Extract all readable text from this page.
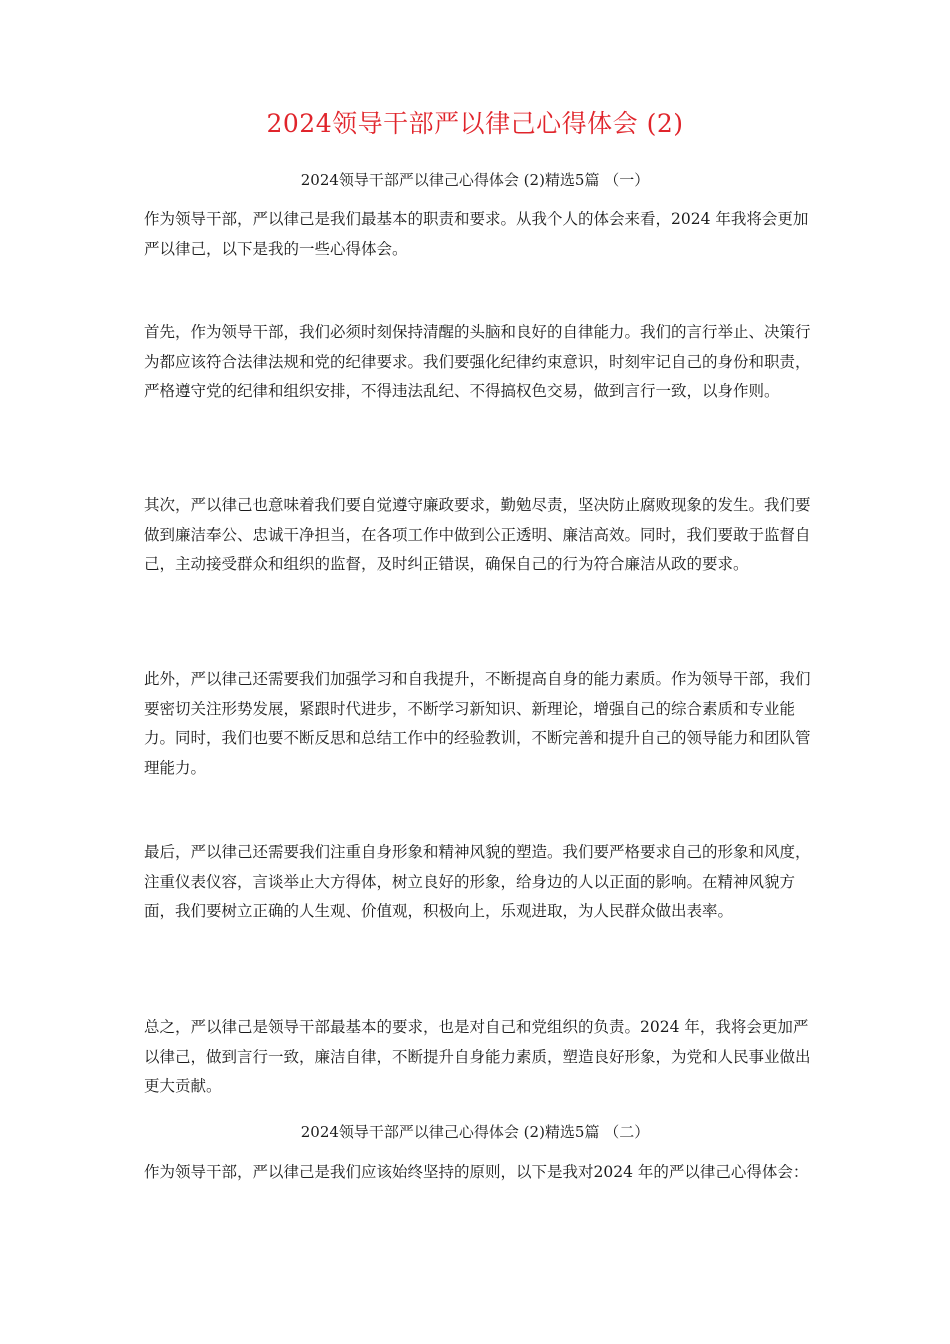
2024领导干部严以律己心得体会 (2)
2024领导干部严以律己心得体会 (2)精选5篇 （一）

作为领导干部，严以律己是我们最基本的职责和要求。从我个人的体会来看，2024 年我将会更加严以律己，以下是我的一些心得体会。

首先，作为领导干部，我们必须时刻保持清醒的头脑和良好的自律能力。我们的言行举止、决策行为都应该符合法律法规和党的纪律要求。我们要强化纪律约束意识，时刻牢记自己的身份和职责，严格遵守党的纪律和组织安排，不得违法乱纪、不得搞权色交易，做到言行一致，以身作则。

其次，严以律己也意味着我们要自觉遵守廉政要求，勤勉尽责，坚决防止腐败现象的发生。我们要做到廉洁奉公、忠诚干净担当，在各项工作中做到公正透明、廉洁高效。同时，我们要敢于监督自己，主动接受群众和组织的监督，及时纠正错误，确保自己的行为符合廉洁从政的要求。

此外，严以律己还需要我们加强学习和自我提升，不断提高自身的能力素质。作为领导干部，我们要密切关注形势发展，紧跟时代进步，不断学习新知识、新理论，增强自己的综合素质和专业能力。同时，我们也要不断反思和总结工作中的经验教训，不断完善和提升自己的领导能力和团队管理能力。

最后，严以律己还需要我们注重自身形象和精神风貌的塑造。我们要严格要求自己的形象和风度，注重仪表仪容，言谈举止大方得体，树立良好的形象，给身边的人以正面的影响。在精神风貌方面，我们要树立正确的人生观、价值观，积极向上，乐观进取，为人民群众做出表率。

总之，严以律己是领导干部最基本的要求，也是对自己和党组织的负责。2024 年，我将会更加严以律己，做到言行一致，廉洁自律，不断提升自身能力素质，塑造良好形象，为党和人民事业做出更大贡献。

2024领导干部严以律己心得体会 (2)精选5篇 （二）

作为领导干部，严以律己是我们应该始终坚持的原则，以下是我对2024 年的严以律己心得体会：
